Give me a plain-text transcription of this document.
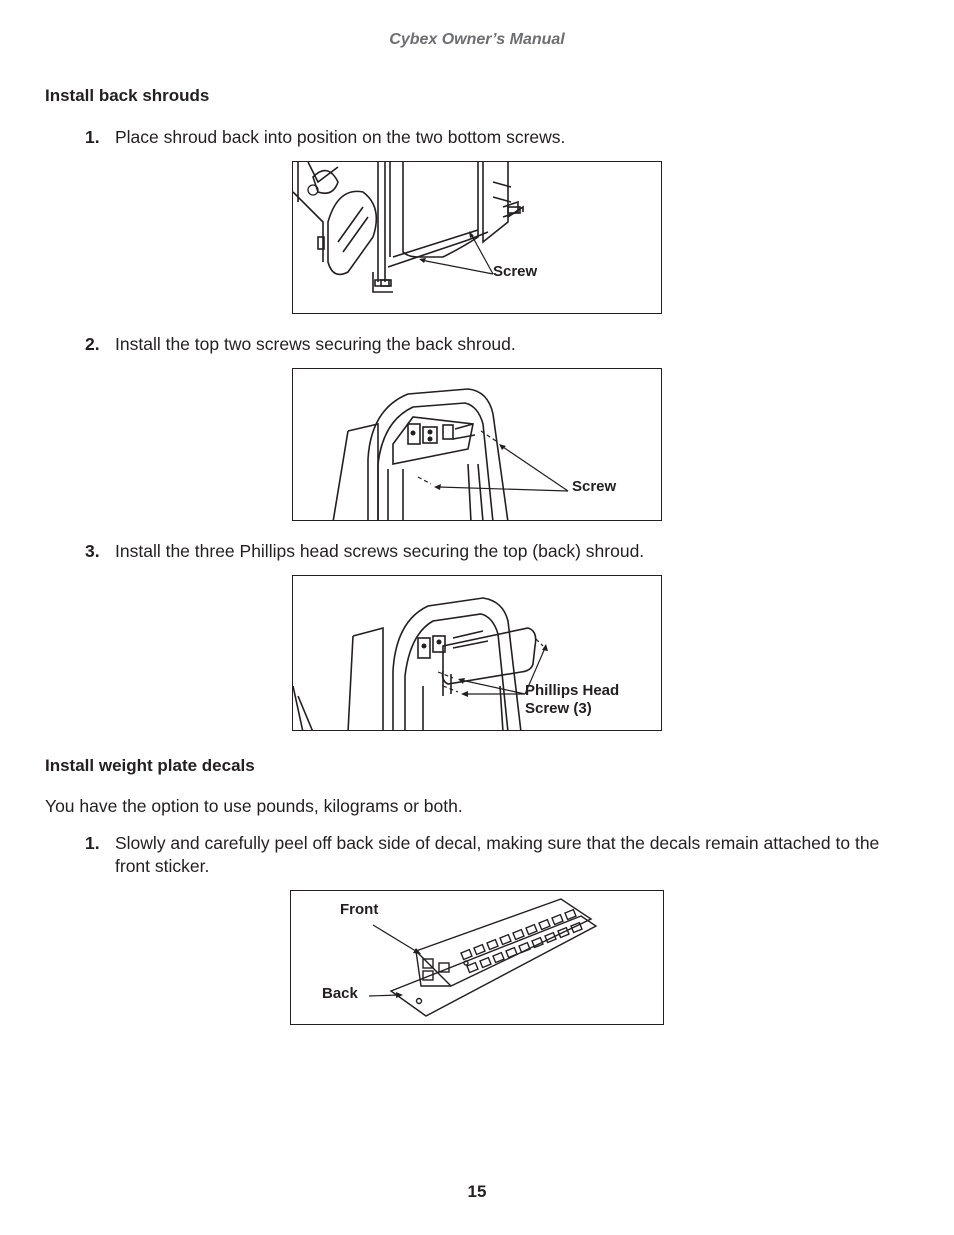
Cybex Owner’s Manual
Install back shrouds
1. Place shroud back into position on the two bottom screws.
Screw
2. Install the top two screws securing the back shroud.
Screw
3. Install the three Phillips head screws securing the top (back) shroud.
Phillips Head
Screw (3)
Install weight plate decals
You have the option to use pounds, kilograms or both.
1. Slowly and carefully peel off back side of decal, making sure that the decals remain attached to the front sticker.
Front
Back
15
